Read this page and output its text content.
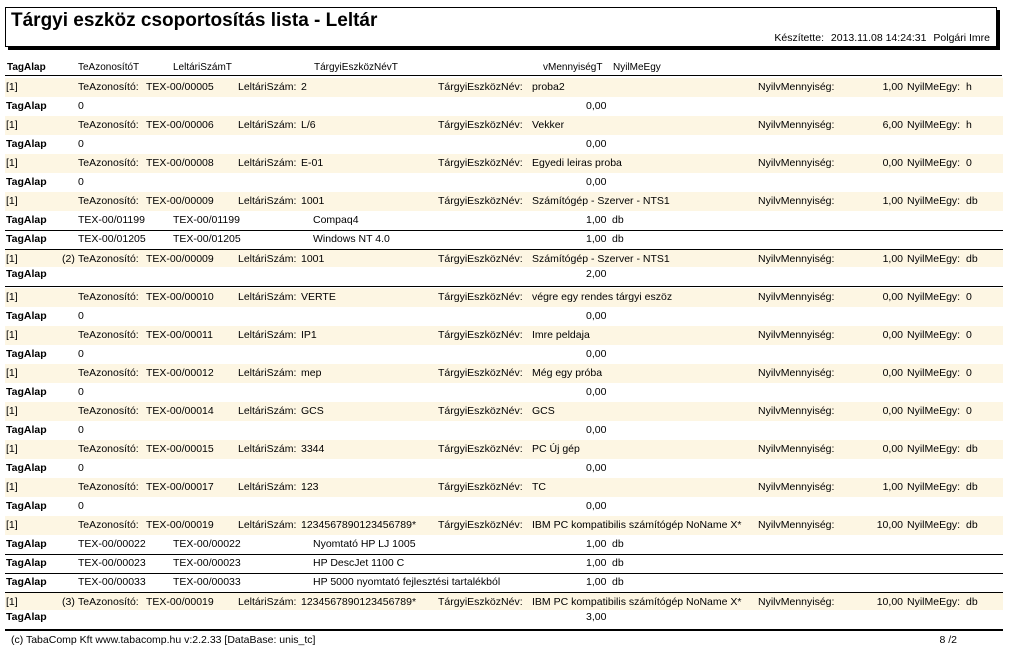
Tárgyi eszköz csoportosítás lista - Leltár
Készítette: 2013.11.08 14:24:31 Polgári Imre
TagAlap	TeAzonosítóT	LeltáriSzámT	TárgyiEszközNévT	vMennyiségT NyilMeEgy
[1]	TeAzonosító: TEX-00/00005 LeltáriSzám: 2	TárgyiEszközNév: proba2	NyilvMennyiség:	1,00 NyilMeEgy: h
TagAlap	0	0,00
[1]	TeAzonosító: TEX-00/00006 LeltáriSzám: L/6	TárgyiEszközNév: Vekker	NyilvMennyiség:	6,00 NyilMeEgy: h
TagAlap	0	0,00
[1]	TeAzonosító: TEX-00/00008 LeltáriSzám: E-01	TárgyiEszközNév: Egyedi leiras proba	NyilvMennyiség:	0,00 NyilMeEgy: 0
TagAlap	0	0,00
[1]	TeAzonosító: TEX-00/00009 LeltáriSzám: 1001	TárgyiEszközNév: Számítógép - Szerver - NTS1	NyilvMennyiség:	1,00 NyilMeEgy: db
TagAlap	TEX-00/01199	TEX-00/01199	Compaq4	1,00 db
TagAlap	TEX-00/01205	TEX-00/01205	Windows NT 4.0	1,00 db
[1]	(2) TeAzonosító: TEX-00/00009 LeltáriSzám: 1001	TárgyiEszközNév: Számítógép - Szerver - NTS1	NyilvMennyiség:	1,00 NyilMeEgy: db
TagAlap	2,00
[1]	TeAzonosító: TEX-00/00010 LeltáriSzám: VERTE	TárgyiEszközNév: végre egy rendes tárgyi eszöz	NyilvMennyiség:	0,00 NyilMeEgy: 0
TagAlap	0	0,00
[1]	TeAzonosító: TEX-00/00011 LeltáriSzám: IP1	TárgyiEszközNév: Imre peldaja	NyilvMennyiség:	0,00 NyilMeEgy: 0
TagAlap	0	0,00
[1]	TeAzonosító: TEX-00/00012 LeltáriSzám: mep	TárgyiEszközNév: Még egy próba	NyilvMennyiség:	0,00 NyilMeEgy: 0
TagAlap	0	0,00
[1]	TeAzonosító: TEX-00/00014 LeltáriSzám: GCS	TárgyiEszközNév: GCS	NyilvMennyiség:	0,00 NyilMeEgy: 0
TagAlap	0	0,00
[1]	TeAzonosító: TEX-00/00015 LeltáriSzám: 3344	TárgyiEszközNév: PC Új gép	NyilvMennyiség:	0,00 NyilMeEgy: db
TagAlap	0	0,00
[1]	TeAzonosító: TEX-00/00017 LeltáriSzám: 123	TárgyiEszközNév: TC	NyilvMennyiség:	1,00 NyilMeEgy: db
TagAlap	0	0,00
[1]	TeAzonosító: TEX-00/00019 LeltáriSzám: 1234567890123456789* TárgyiEszközNév: IBM PC kompatibilis számítógép NoName X* NyilvMennyiség:	10,00 NyilMeEgy: db
TagAlap	TEX-00/00022	TEX-00/00022	Nyomtató HP LJ 1005	1,00 db
TagAlap	TEX-00/00023	TEX-00/00023	HP DescJet 1100 C	1,00 db
TagAlap	TEX-00/00033	TEX-00/00033	HP 5000 nyomtató fejlesztési tartalékból	1,00 db
[1]	(3) TeAzonosító: TEX-00/00019 LeltáriSzám: 1234567890123456789* TárgyiEszközNév: IBM PC kompatibilis számítógép NoName X* NyilvMennyiség:	10,00 NyilMeEgy: db
TagAlap	3,00
(c) TabaComp Kft www.tabacomp.hu v:2.2.33 [DataBase: unis_tc]	8 /2
